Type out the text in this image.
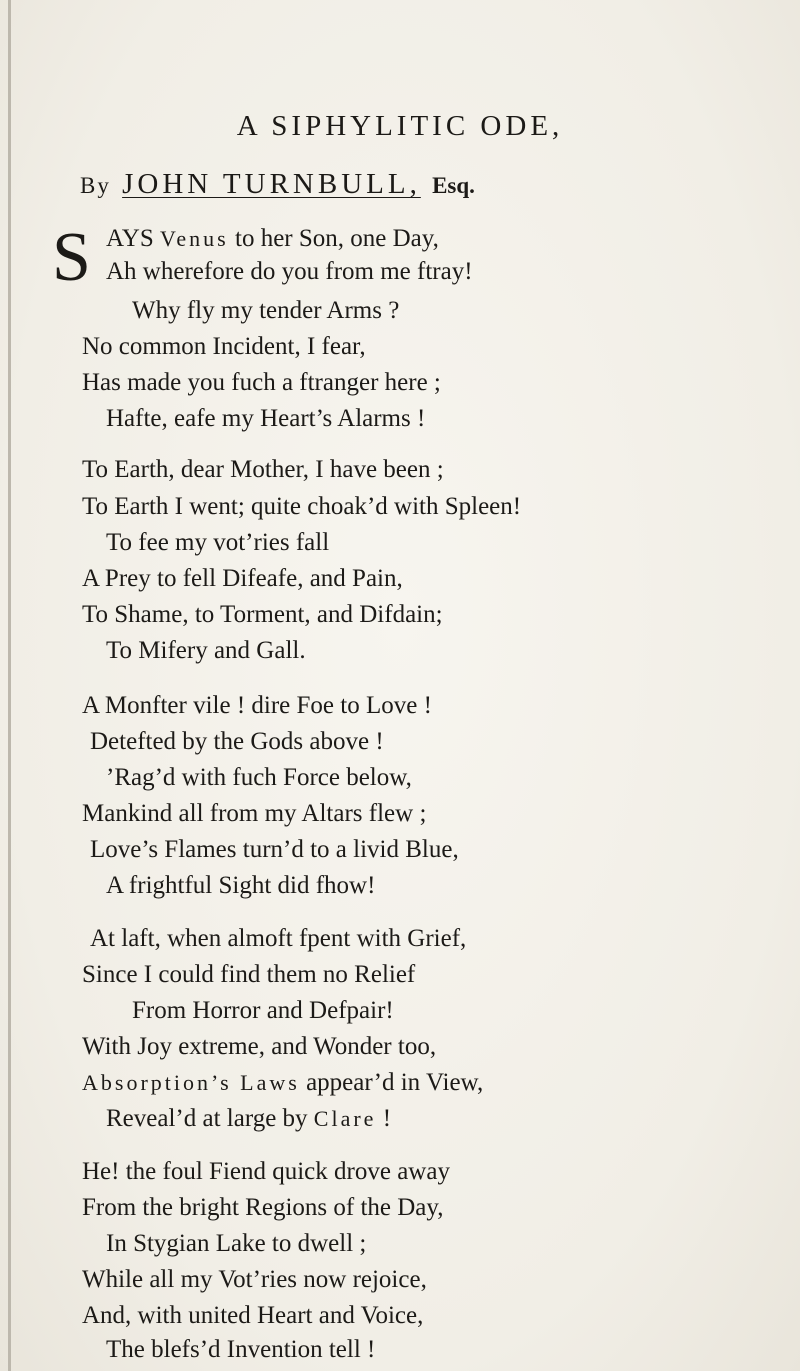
A SIPHYLITIC ODE,
By JOHN TURNBULL, Esq.
S AYS Venus to her Son, one Day,
Ah wherefore do you from me ftray!
Why fly my tender Arms ?
No common Incident, I fear,
Has made you fuch a ftranger here ;
Hafte, eafe my Heart’s Alarms !
To Earth, dear Mother, I have been ;
To Earth I went; quite choak’d with Spleen!
To fee my vot’ries fall
A Prey to fell Difeafe, and Pain,
To Shame, to Torment, and Difdain;
To Mifery and Gall.
A Monfter vile ! dire Foe to Love !
Detefted by the Gods above !
’Rag’d with fuch Force below,
Mankind all from my Altars flew ;
Love’s Flames turn’d to a livid Blue,
A frightful Sight did fhow!
At laft, when almoft fpent with Grief,
Since I could find them no Relief
From Horror and Defpair!
With Joy extreme, and Wonder too,
Absorption’s Laws appear’d in View,
Reveal’d at large by Clare !
He! the foul Fiend quick drove away
From the bright Regions of the Day,
In Stygian Lake to dwell ;
While all my Vot’ries now rejoice,
And, with united Heart and Voice,
The blefs’d Invention tell !
